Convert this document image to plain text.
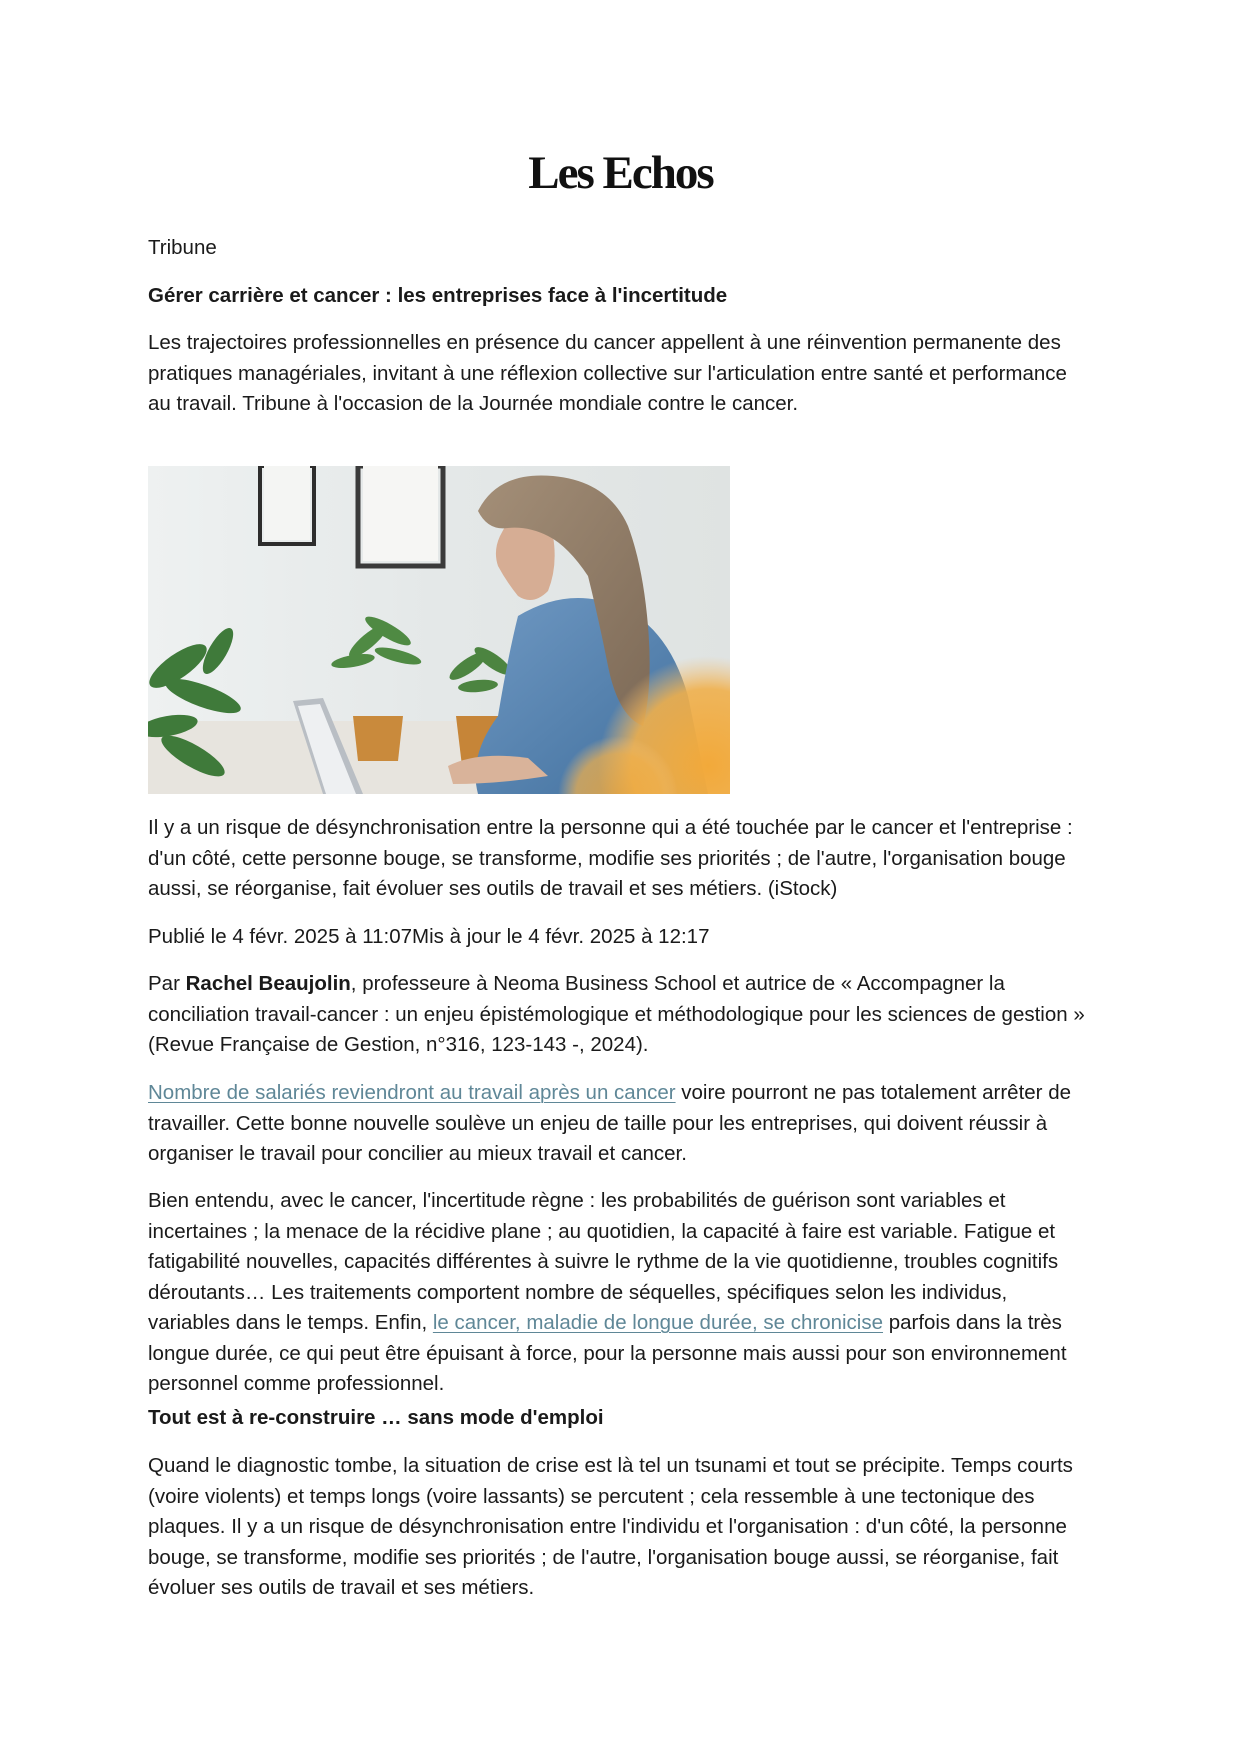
Les Echos

Tribune

Gérer carrière et cancer : les entreprises face à l'incertitude

Les trajectoires professionnelles en présence du cancer appellent à une réinvention permanente des pratiques managériales, invitant à une réflexion collective sur l'articulation entre santé et performance au travail. Tribune à l'occasion de la Journée mondiale contre le cancer.

Il y a un risque de désynchronisation entre la personne qui a été touchée par le cancer et l'entreprise : d'un côté, cette personne bouge, se transforme, modifie ses priorités ; de l'autre, l'organisation bouge aussi, se réorganise, fait évoluer ses outils de travail et ses métiers. (iStock)

Publié le 4 févr. 2025 à 11:07Mis à jour le 4 févr. 2025 à 12:17

Par Rachel Beaujolin, professeure à Neoma Business School et autrice de « Accompagner la conciliation travail-cancer : un enjeu épistémologique et méthodologique pour les sciences de gestion » (Revue Française de Gestion, n°316, 123-143 -, 2024).

Nombre de salariés reviendront au travail après un cancer voire pourront ne pas totalement arrêter de travailler. Cette bonne nouvelle soulève un enjeu de taille pour les entreprises, qui doivent réussir à organiser le travail pour concilier au mieux travail et cancer.

Bien entendu, avec le cancer, l'incertitude règne : les probabilités de guérison sont variables et incertaines ; la menace de la récidive plane ; au quotidien, la capacité à faire est variable. Fatigue et fatigabilité nouvelles, capacités différentes à suivre le rythme de la vie quotidienne, troubles cognitifs déroutants… Les traitements comportent nombre de séquelles, spécifiques selon les individus, variables dans le temps. Enfin, le cancer, maladie de longue durée, se chronicise parfois dans la très longue durée, ce qui peut être épuisant à force, pour la personne mais aussi pour son environnement personnel comme professionnel.

Tout est à re-construire … sans mode d'emploi

Quand le diagnostic tombe, la situation de crise est là tel un tsunami et tout se précipite. Temps courts (voire violents) et temps longs (voire lassants) se percutent ; cela ressemble à une tectonique des plaques. Il y a un risque de désynchronisation entre l'individu et l'organisation : d'un côté, la personne bouge, se transforme, modifie ses priorités ; de l'autre, l'organisation bouge aussi, se réorganise, fait évoluer ses outils de travail et ses métiers.
